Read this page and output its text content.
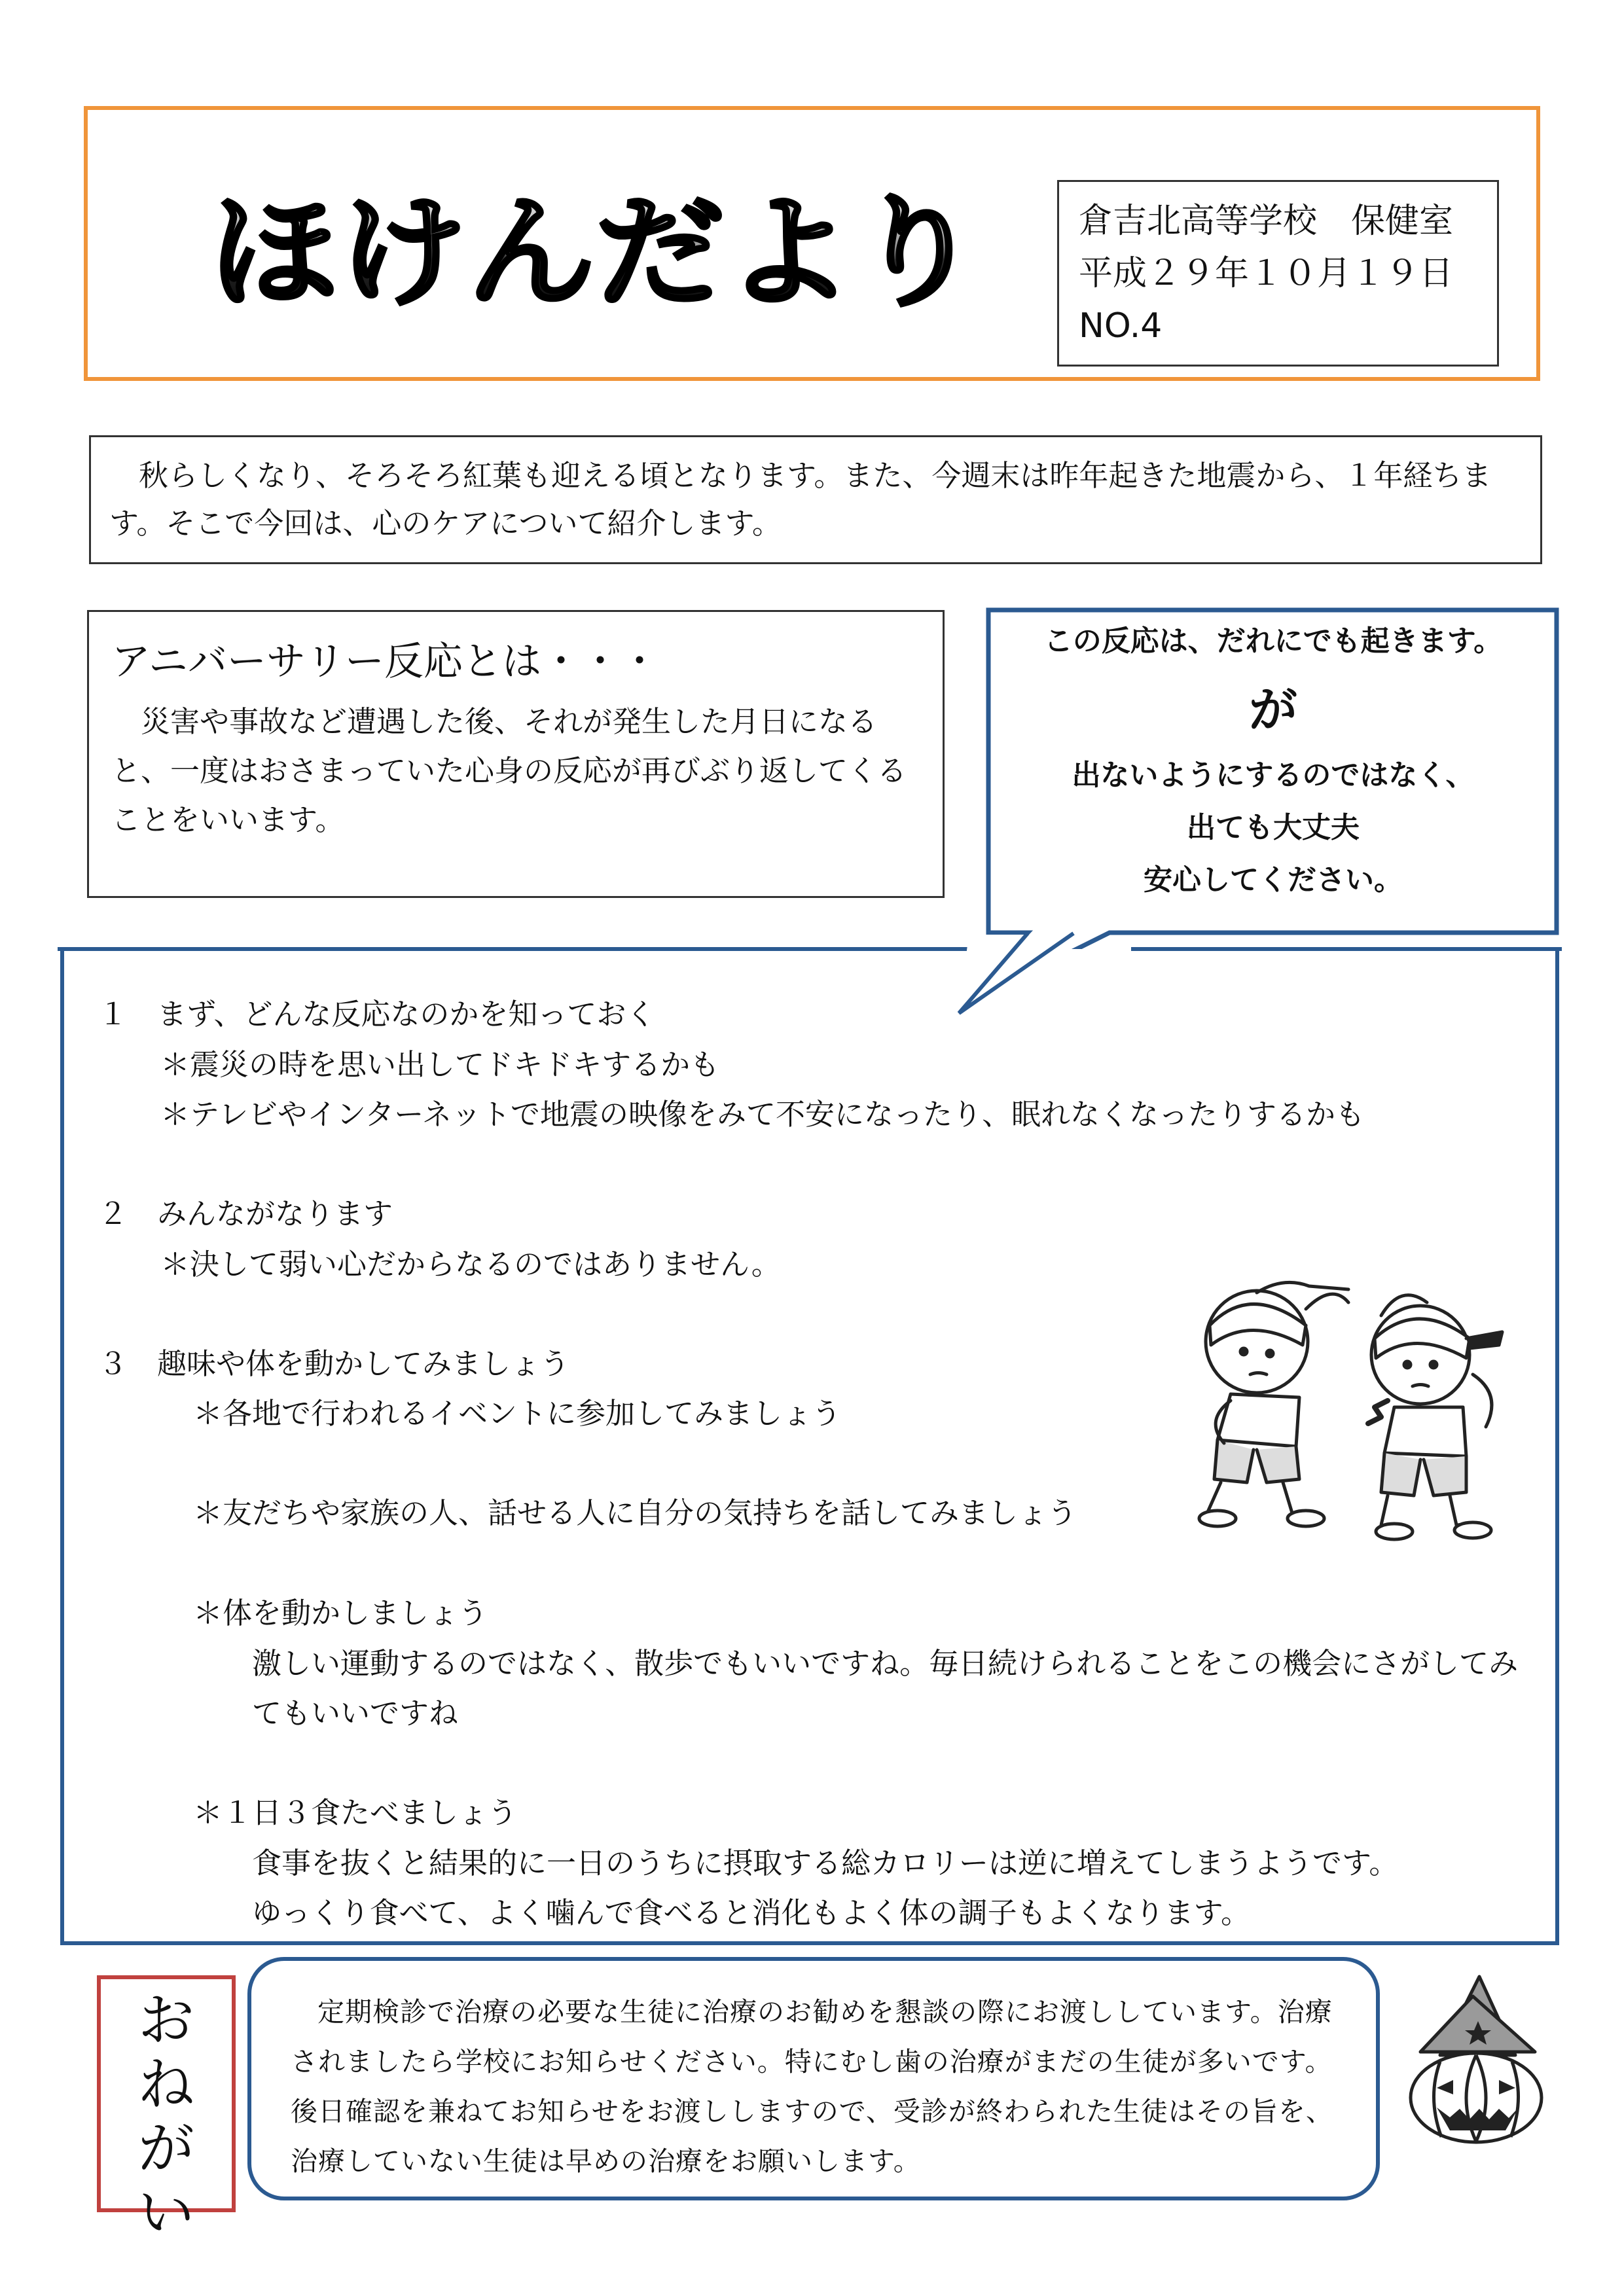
ほけんだより	倉吉北高等学校　保健室
平成２９年１０月１９日
NO.4
秋らしくなり、そろそろ紅葉も迎える頃となります。また、今週末は昨年起きた地震から、１年経ちます。そこで今回は、心のケアについて紹介します。
アニバーサリー反応とは・・・
災害や事故など遭遇した後、それが発生した月日になると、一度はおさまっていた心身の反応が再びぶり返してくることをいいます。
この反応は、だれにでも起きます。
が
出ないようにするのではなく、
出ても大丈夫
安心してください。
１　まず、どんな反応なのかを知っておく
＊震災の時を思い出してドキドキするかも
＊テレビやインターネットで地震の映像をみて不安になったり、眠れなくなったりするかも
２　みんながなります
＊決して弱い心だからなるのではありません。
３　趣味や体を動かしてみましょう
＊各地で行われるイベントに参加してみましょう
＊友だちや家族の人、話せる人に自分の気持ちを話してみましょう
＊体を動かしましょう
激しい運動するのではなく、散歩でもいいですね。毎日続けられることをこの機会にさがしてみ
てもいいですね
＊１日３食たべましょう
食事を抜くと結果的に一日のうちに摂取する総カロリーは逆に増えてしまうようです。
ゆっくり食べて、よく噛んで食べると消化もよく体の調子もよくなります。
お
ね
が
い
定期検診で治療の必要な生徒に治療のお勧めを懇談の際にお渡ししています。治療されましたら学校にお知らせください。特にむし歯の治療がまだの生徒が多いです。後日確認を兼ねてお知らせをお渡ししますので、受診が終わられた生徒はその旨を、治療していない生徒は早めの治療をお願いします。
